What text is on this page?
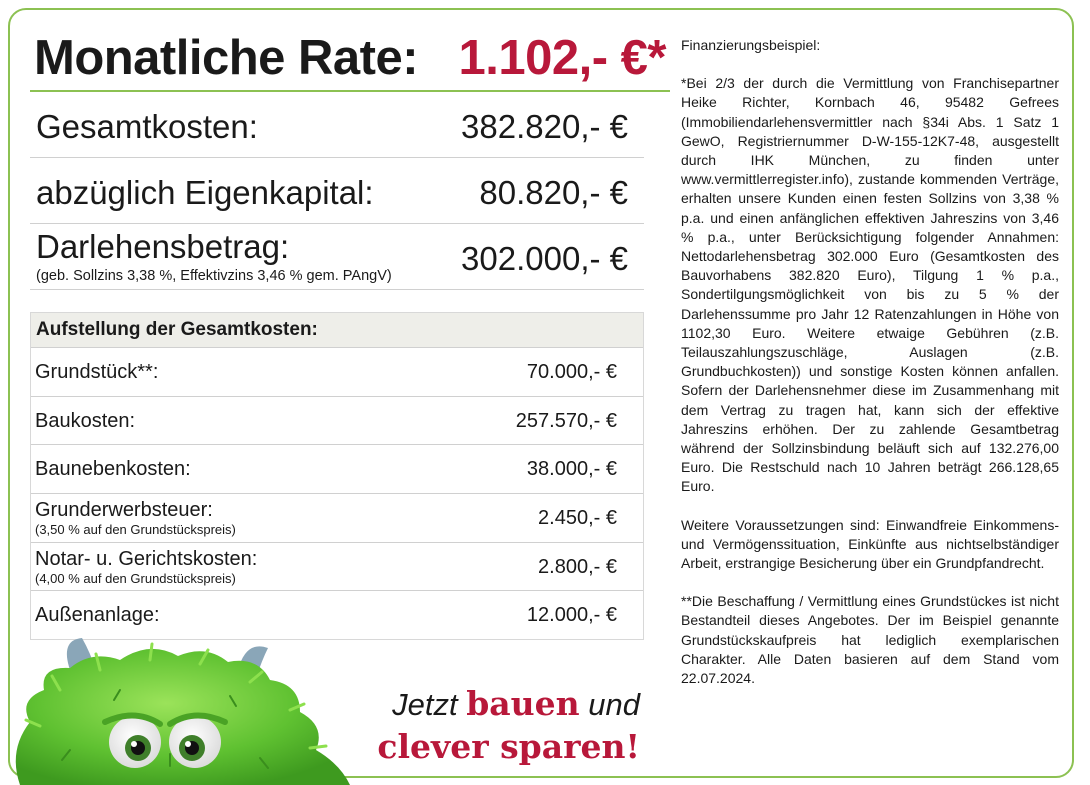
Monatliche Rate: 1.102,- €*
Gesamtkosten:	382.820,- €
abzüglich Eigenkapital:	80.820,- €
Darlehensbetrag:
(geb. Sollzins 3,38 %, Effektivzins 3,46 % gem. PAngV) 302.000,- €
Aufstellung der Gesamtkosten:
Grundstück**:	70.000,- €
Baukosten:	257.570,- €
Baunebenkosten:	38.000,- €
Grunderwerbsteuer:
(3,50 % auf den Grundstückspreis)
2.450,- €
Notar- u. Gerichtskosten:
(4,00 % auf den Grundstückspreis)
2.800,- €
Außenanlage:	12.000,- €
Finanzierungsbeispiel:

*Bei 2/3 der durch die Vermittlung von Franchisepartner Heike Richter, Kornbach 46, 95482 Gefrees (Immobiliendarlehensvermittler nach §34i Abs. 1 Satz 1 GewO, Registriernummer D-W-155-12K7-48, ausgestellt durch IHK München, zu finden unter www.vermittlerregister.info), zustande kommenden Verträge, erhalten unsere Kunden einen festen Sollzins von 3,38 % p.a. und einen anfänglichen effektiven Jahreszins von 3,46 % p.a., unter Berücksichtigung folgender Annahmen: Nettodarlehensbetrag 302.000 Euro (Gesamtkosten des Bauvorhabens 382.820 Euro), Tilgung 1 % p.a., Sondertilgungsmöglichkeit von bis zu 5 % der Darlehenssumme pro Jahr 12 Ratenzahlungen in Höhe von 1102,30 Euro. Weitere etwaige Gebühren (z.B. Teilauszahlungszuschläge, Auslagen (z.B. Grundbuchkosten)) und sonstige Kosten können anfallen. Sofern der Darlehensnehmer diese im Zusammenhang mit dem Vertrag zu tragen hat, kann sich der effektive Jahreszins erhöhen. Der zu zahlende Gesamtbetrag während der Sollzinsbindung beläuft sich auf 132.276,00 Euro. Die Restschuld nach 10 Jahren beträgt 266.128,65 Euro.

Weitere Voraussetzungen sind: Einwandfreie Einkommens- und Vermögenssituation, Einkünfte aus nichtselbständiger Arbeit, erstrangige Besicherung über ein Grundpfandrecht.

**Die Beschaffung / Vermittlung eines Grundstückes ist nicht Bestandteil dieses Angebotes. Der im Beispiel genannte Grundstückskaufpreis hat lediglich exemplarischen Charakter. Alle Daten basieren auf dem Stand vom 22.07.2024.

Jetzt bauen und
clever sparen!
